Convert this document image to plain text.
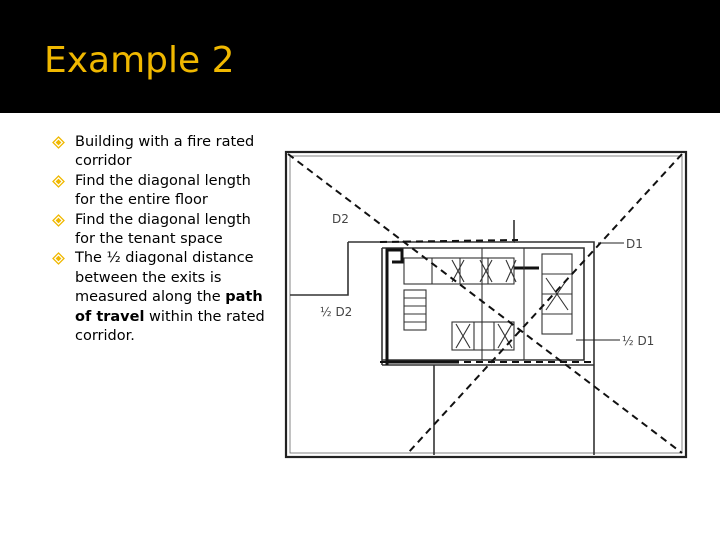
Example 2
Building with a fire rated corridor
Find the diagonal length for the entire floor
Find the diagonal length for the tenant space
The ½ diagonal distance between the exits is measured along the path of travel within the rated corridor.
D2
D1
½ D2
½ D1
